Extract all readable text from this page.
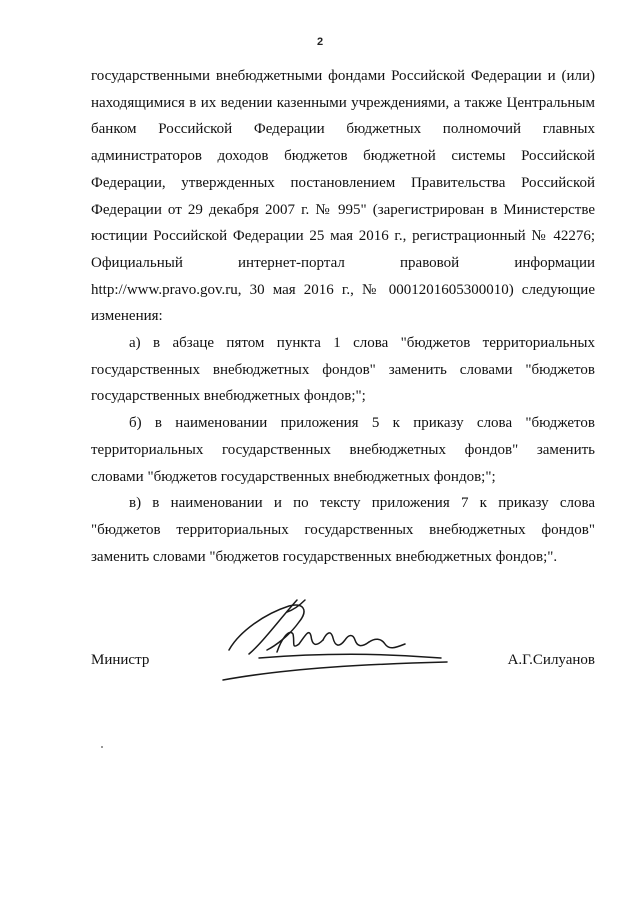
2
государственными внебюджетными фондами Российской Федерации и (или)
находящимися в их ведении казенными учреждениями, а также Центральным
банком Российской Федерации бюджетных полномочий главных
администраторов доходов бюджетов бюджетной системы Российской
Федерации, утвержденных постановлением Правительства Российской
Федерации от 29 декабря 2007 г. № 995" (зарегистрирован в Министерстве
юстиции Российской Федерации 25 мая 2016 г., регистрационный № 42276;
Официальный интернет-портал правовой информации
http://www.pravo.gov.ru, 30 мая 2016 г., № 0001201605300010) следующие
изменения:
а) в абзаце пятом пункта 1 слова "бюджетов территориальных
государственных внебюджетных фондов" заменить словами "бюджетов
государственных внебюджетных фондов;";
б) в наименовании приложения 5 к приказу слова "бюджетов
территориальных государственных внебюджетных фондов" заменить
словами "бюджетов государственных внебюджетных фондов;";
в) в наименовании и по тексту приложения 7 к приказу слова
"бюджетов территориальных государственных внебюджетных фондов"
заменить словами "бюджетов государственных внебюджетных фондов;".
Министр	А.Г.Силуанов
